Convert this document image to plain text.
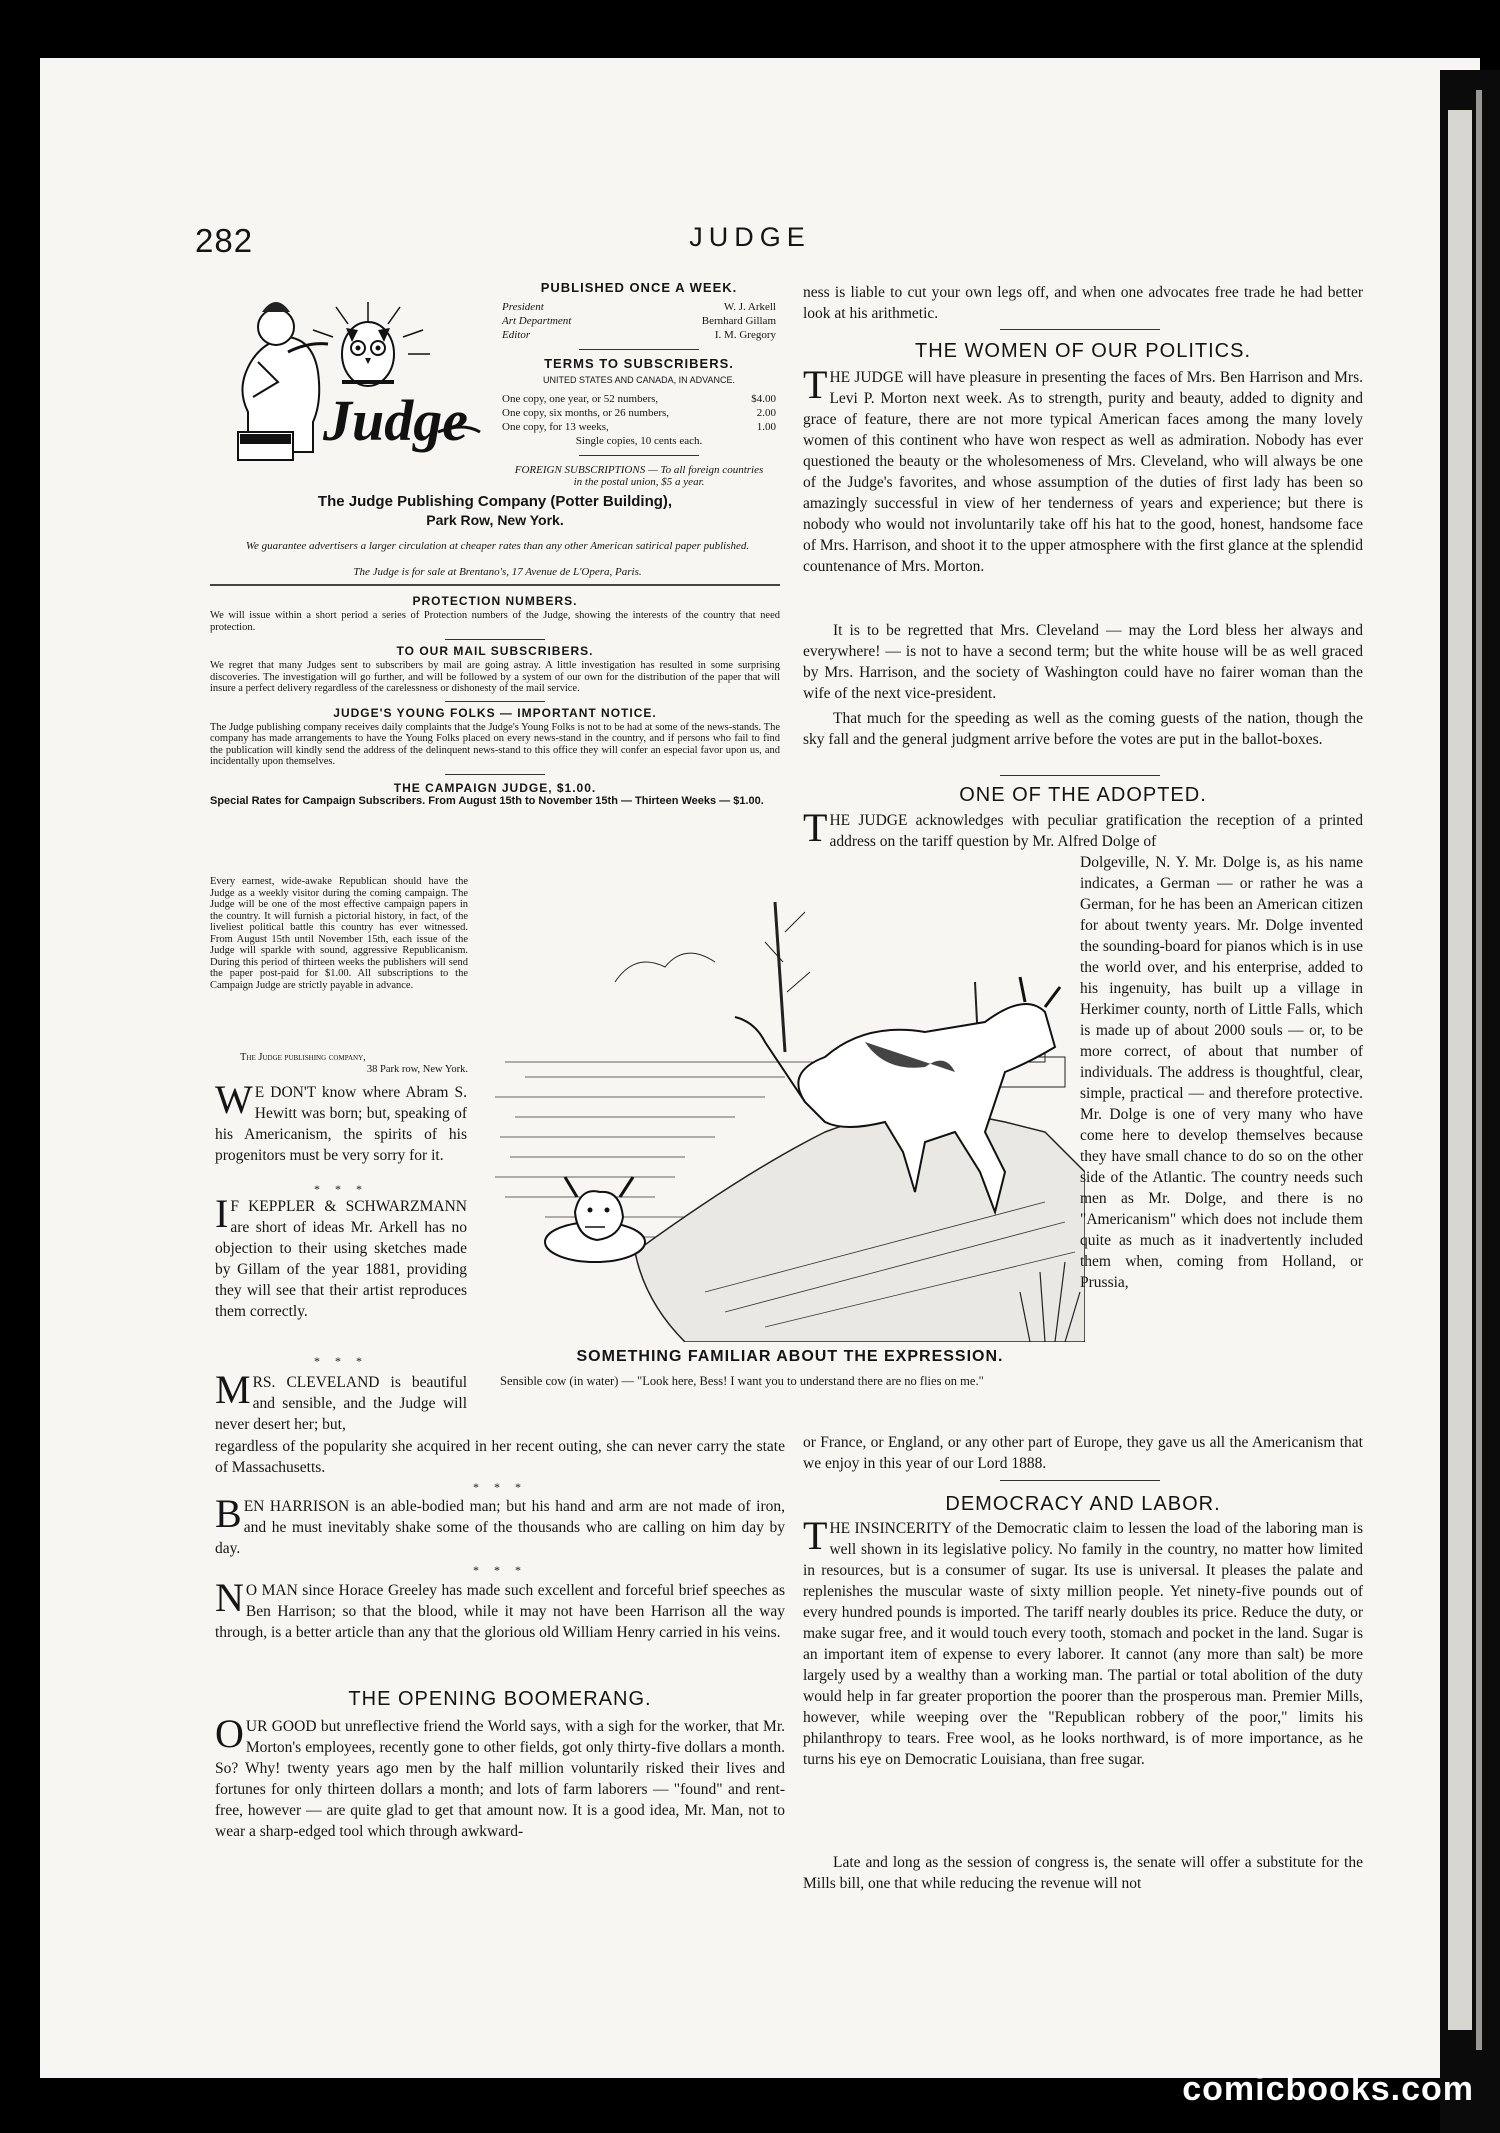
282	JUDGE
Judge
PUBLISHED ONCE A WEEK.
President	W. J. Arkell
Art Department	Bernhard Gillam
Editor	I. M. Gregory
TERMS TO SUBSCRIBERS.
UNITED STATES AND CANADA, IN ADVANCE.
One copy, one year, or 52 numbers,	$4.00
One copy, six months, or 26 numbers,	2.00
One copy, for 13 weeks,	1.00
Single copies, 10 cents each.
FOREIGN SUBSCRIPTIONS — To all foreign countries in the postal union, $5 a year.
The Judge Publishing Company (Potter Building),
Park Row, New York.
We guarantee advertisers a larger circulation at cheaper rates than any other American satirical paper published.
The Judge is for sale at Brentano's, 17 Avenue de L'Opera, Paris.
PROTECTION NUMBERS.
We will issue within a short period a series of Protection numbers of the Judge, showing the interests of the country that need protection.
TO OUR MAIL SUBSCRIBERS.
We regret that many Judges sent to subscribers by mail are going astray. A little investigation has resulted in some surprising discoveries. The investigation will go further, and will be followed by a system of our own for the distribution of the paper that will insure a perfect delivery regardless of the carelessness or dishonesty of the mail service.
JUDGE'S YOUNG FOLKS — IMPORTANT NOTICE.
The Judge publishing company receives daily complaints that the Judge's Young Folks is not to be had at some of the news-stands. The company has made arrangements to have the Young Folks placed on every news-stand in the country, and if persons who fail to find the publication will kindly send the address of the delinquent news-stand to this office they will confer an especial favor upon us, and incidentally upon themselves.
THE CAMPAIGN JUDGE, $1.00.
Special Rates for Campaign Subscribers. From August 15th to November 15th — Thirteen Weeks — $1.00.
Every earnest, wide-awake Republican should have the Judge as a weekly visitor during the coming campaign. The Judge will be one of the most effective campaign papers in the country. It will furnish a pictorial history, in fact, of the liveliest political battle this country has ever witnessed. From August 15th until November 15th, each issue of the Judge will sparkle with sound, aggressive Republicanism. During this period of thirteen weeks the publishers will send the paper post-paid for $1.00. All subscriptions to the Campaign Judge are strictly payable in advance.
The Judge publishing company,
38 Park row, New York.
W E DON'T know where Abram S. Hewitt was born; but, speaking of his Americanism, the spirits of his progenitors must be very sorry for it.
* * *
I F KEPPLER & SCHWARZMANN are short of ideas Mr. Arkell has no objection to their using sketches made by Gillam of the year 1881, providing they will see that their artist reproduces them correctly.
* * *
MRS. CLEVELAND is beautiful and sensible, and the Judge will never desert her; but,
regardless of the popularity she acquired in her recent outing, she can never carry the state of Massachusetts.
* * *
BEN HARRISON is an able-bodied man; but his hand and arm are not made of iron, and he must inevitably shake some of the thousands who are calling on him day by day.
* * *
N O MAN since Horace Greeley has made such excellent and forceful brief speeches as Ben Harrison; so that the blood, while it may not have been Harrison all the way through, is a better article than any that the glorious old William Henry carried in his veins.
THE OPENING BOOMERANG.
OUR GOOD but unreflective friend the World says, with a sigh for the worker, that Mr. Morton's employees, recently gone to other fields, got only thirty-five dollars a month. So? Why! twenty years ago men by the half million voluntarily risked their lives and fortunes for only thirteen dollars a month; and lots of farm laborers — "found" and rent-free, however — are quite glad to get that amount now. It is a good idea, Mr. Man, not to wear a sharp-edged tool which through awkward-
SOMETHING FAMILIAR ABOUT THE EXPRESSION.
Sensible cow (in water) — "Look here, Bess! I want you to understand there are no flies on me."
ness is liable to cut your own legs off, and when one advocates free trade he had better look at his arithmetic.
THE WOMEN OF OUR POLITICS.
THE JUDGE will have pleasure in presenting the faces of Mrs. Ben Harrison and Mrs. Levi P. Morton next week. As to strength, purity and beauty, added to dignity and grace of feature, there are not more typical American faces among the many lovely women of this continent who have won respect as well as admiration. Nobody has ever questioned the beauty or the wholesomeness of Mrs. Cleveland, who will always be one of the Judge's favorites, and whose assumption of the duties of first lady has been so amazingly successful in view of her tenderness of years and experience; but there is nobody who would not involuntarily take off his hat to the good, honest, handsome face of Mrs. Harrison, and shoot it to the upper atmosphere with the first glance at the splendid countenance of Mrs. Morton.
It is to be regretted that Mrs. Cleveland — may the Lord bless her always and everywhere! — is not to have a second term; but the white house will be as well graced by Mrs. Harrison, and the society of Washington could have no fairer woman than the wife of the next vice-president.
That much for the speeding as well as the coming guests of the nation, though the sky fall and the general judgment arrive before the votes are put in the ballot-boxes.
ONE OF THE ADOPTED.
THE JUDGE acknowledges with peculiar gratification the reception of a printed address on the tariff question by Mr. Alfred Dolge of
Dolgeville, N. Y. Mr. Dolge is, as his name indicates, a German — or rather he was a German, for he has been an American citizen for about twenty years. Mr. Dolge invented the sounding-board for pianos which is in use the world over, and his enterprise, added to his ingenuity, has built up a village in Herkimer county, north of Little Falls, which is made up of about 2000 souls — or, to be more correct, of about that number of individuals. The address is thoughtful, clear, simple, practical — and therefore protective. Mr. Dolge is one of very many who have come here to develop themselves because they have small chance to do so on the other side of the Atlantic. The country needs such men as Mr. Dolge, and there is no "Americanism" which does not include them quite as much as it inadvertently included them when, coming from Holland, or Prussia,
or France, or England, or any other part of Europe, they gave us all the Americanism that we enjoy in this year of our Lord 1888.
DEMOCRACY AND LABOR.
THE INSINCERITY of the Democratic claim to lessen the load of the laboring man is well shown in its legislative policy. No family in the country, no matter how limited in resources, but is a consumer of sugar. Its use is universal. It pleases the palate and replenishes the muscular waste of sixty million people. Yet ninety-five pounds out of every hundred pounds is imported. The tariff nearly doubles its price. Reduce the duty, or make sugar free, and it would touch every tooth, stomach and pocket in the land. Sugar is an important item of expense to every laborer. It cannot (any more than salt) be more largely used by a wealthy than a working man. The partial or total abolition of the duty would help in far greater proportion the poorer than the prosperous man. Premier Mills, however, while weeping over the "Republican robbery of the poor," limits his philanthropy to tears. Free wool, as he looks northward, is of more importance, as he turns his eye on Democratic Louisiana, than free sugar.
Late and long as the session of congress is, the senate will offer a substitute for the Mills bill, one that while reducing the revenue will not
comicbooks.com
